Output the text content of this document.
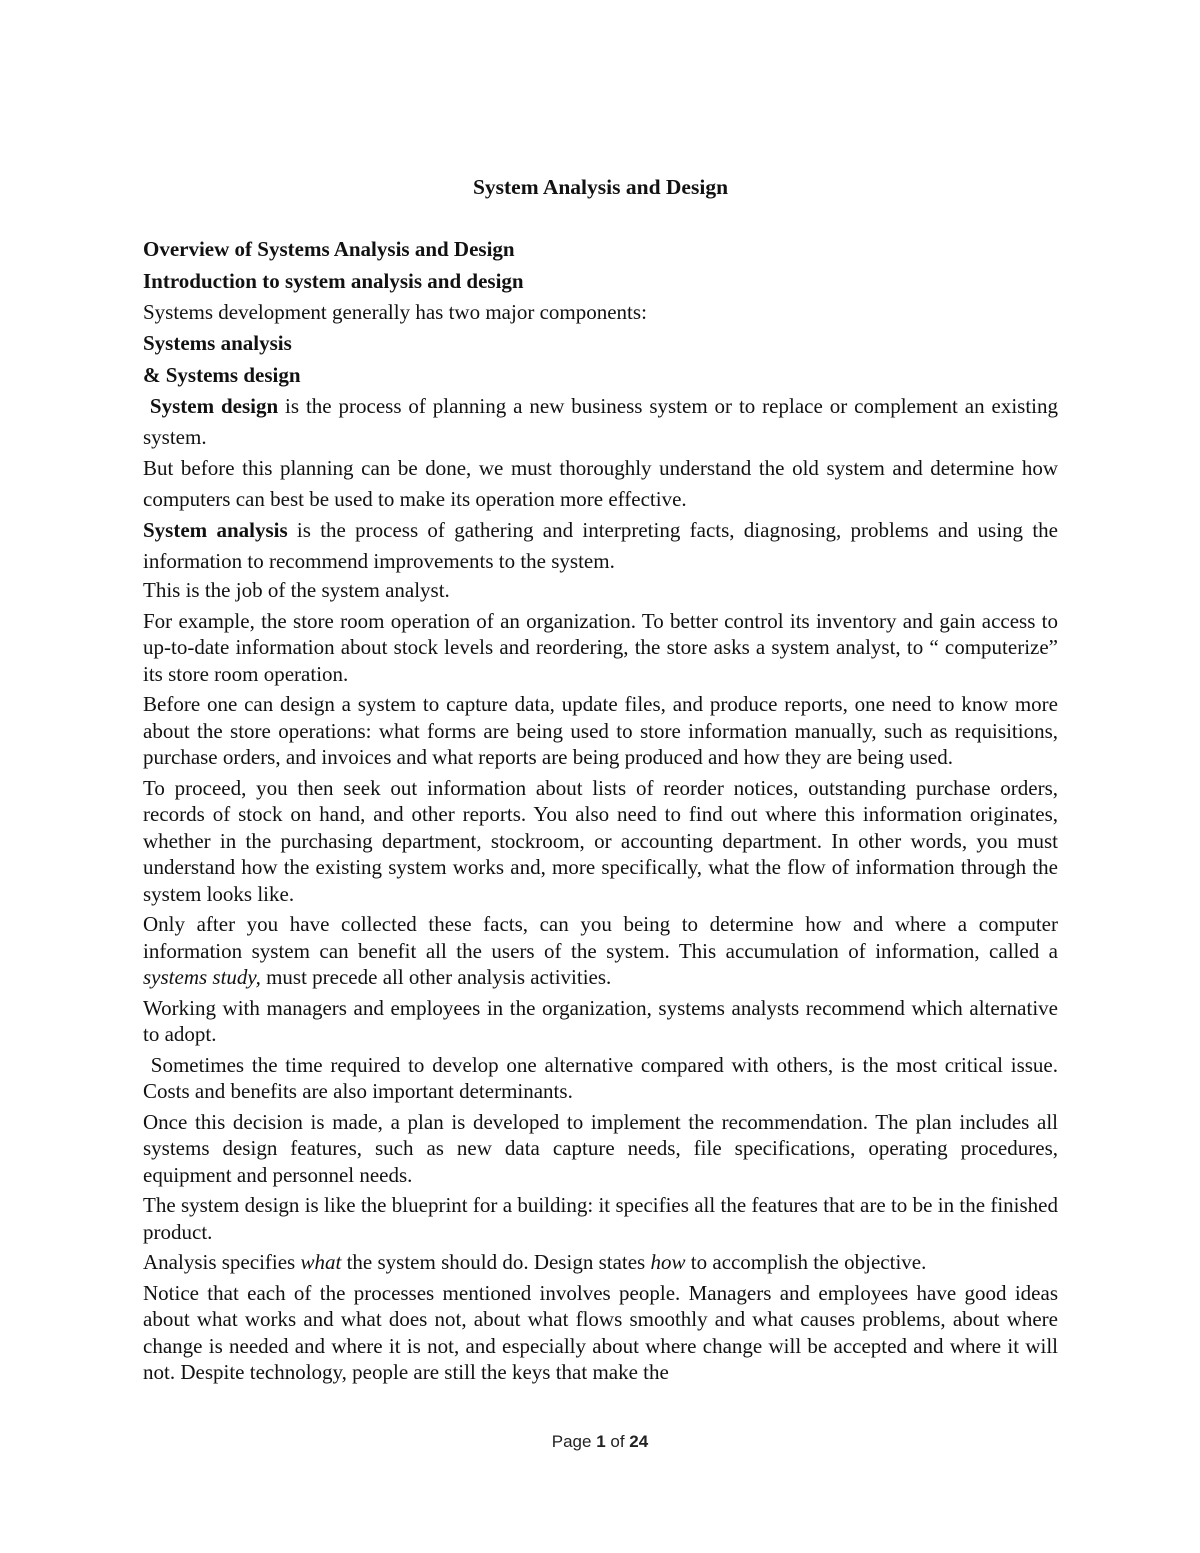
System Analysis and Design

Overview of Systems Analysis and Design

Introduction to system analysis and design

Systems development generally has two major components:

Systems analysis

& Systems design

System design is the process of planning a new business system or to replace or complement an existing system.

But before this planning can be done, we must thoroughly understand the old system and determine how computers can best be used to make its operation more effective.

System analysis is the process of gathering and interpreting facts, diagnosing, problems and using the information to recommend improvements to the system.

This is the job of the system analyst.

For example, the store room operation of an organization. To better control its inventory and gain access to up-to-date information about stock levels and reordering, the store asks a system analyst, to “ computerize” its store room operation.

Before one can design a system to capture data, update files, and produce reports, one need to know more about the store operations: what forms are being used to store information manually, such as requisitions, purchase orders, and invoices and what reports are being produced and how they are being used.

To proceed, you then seek out information about lists of reorder notices, outstanding purchase orders, records of stock on hand, and other reports. You also need to find out where this information originates, whether in the purchasing department, stockroom, or accounting department. In other words, you must understand how the existing system works and, more specifically, what the flow of information through the system looks like.

Only after you have collected these facts, can you being to determine how and where a computer information system can benefit all the users of the system. This accumulation of information, called a systems study, must precede all other analysis activities.

Working with managers and employees in the organization, systems analysts recommend which alternative to adopt.

Sometimes the time required to develop one alternative compared with others, is the most critical issue. Costs and benefits are also important determinants.

Once this decision is made, a plan is developed to implement the recommendation. The plan includes all systems design features, such as new data capture needs, file specifications, operating procedures, equipment and personnel needs.

The system design is like the blueprint for a building: it specifies all the features that are to be in the finished product.

Analysis specifies what the system should do. Design states how to accomplish the objective.

Notice that each of the processes mentioned involves people. Managers and employees have good ideas about what works and what does not, about what flows smoothly and what causes problems, about where change is needed and where it is not, and especially about where change will be accepted and where it will not. Despite technology, people are still the keys that make the

Page 1 of 24
